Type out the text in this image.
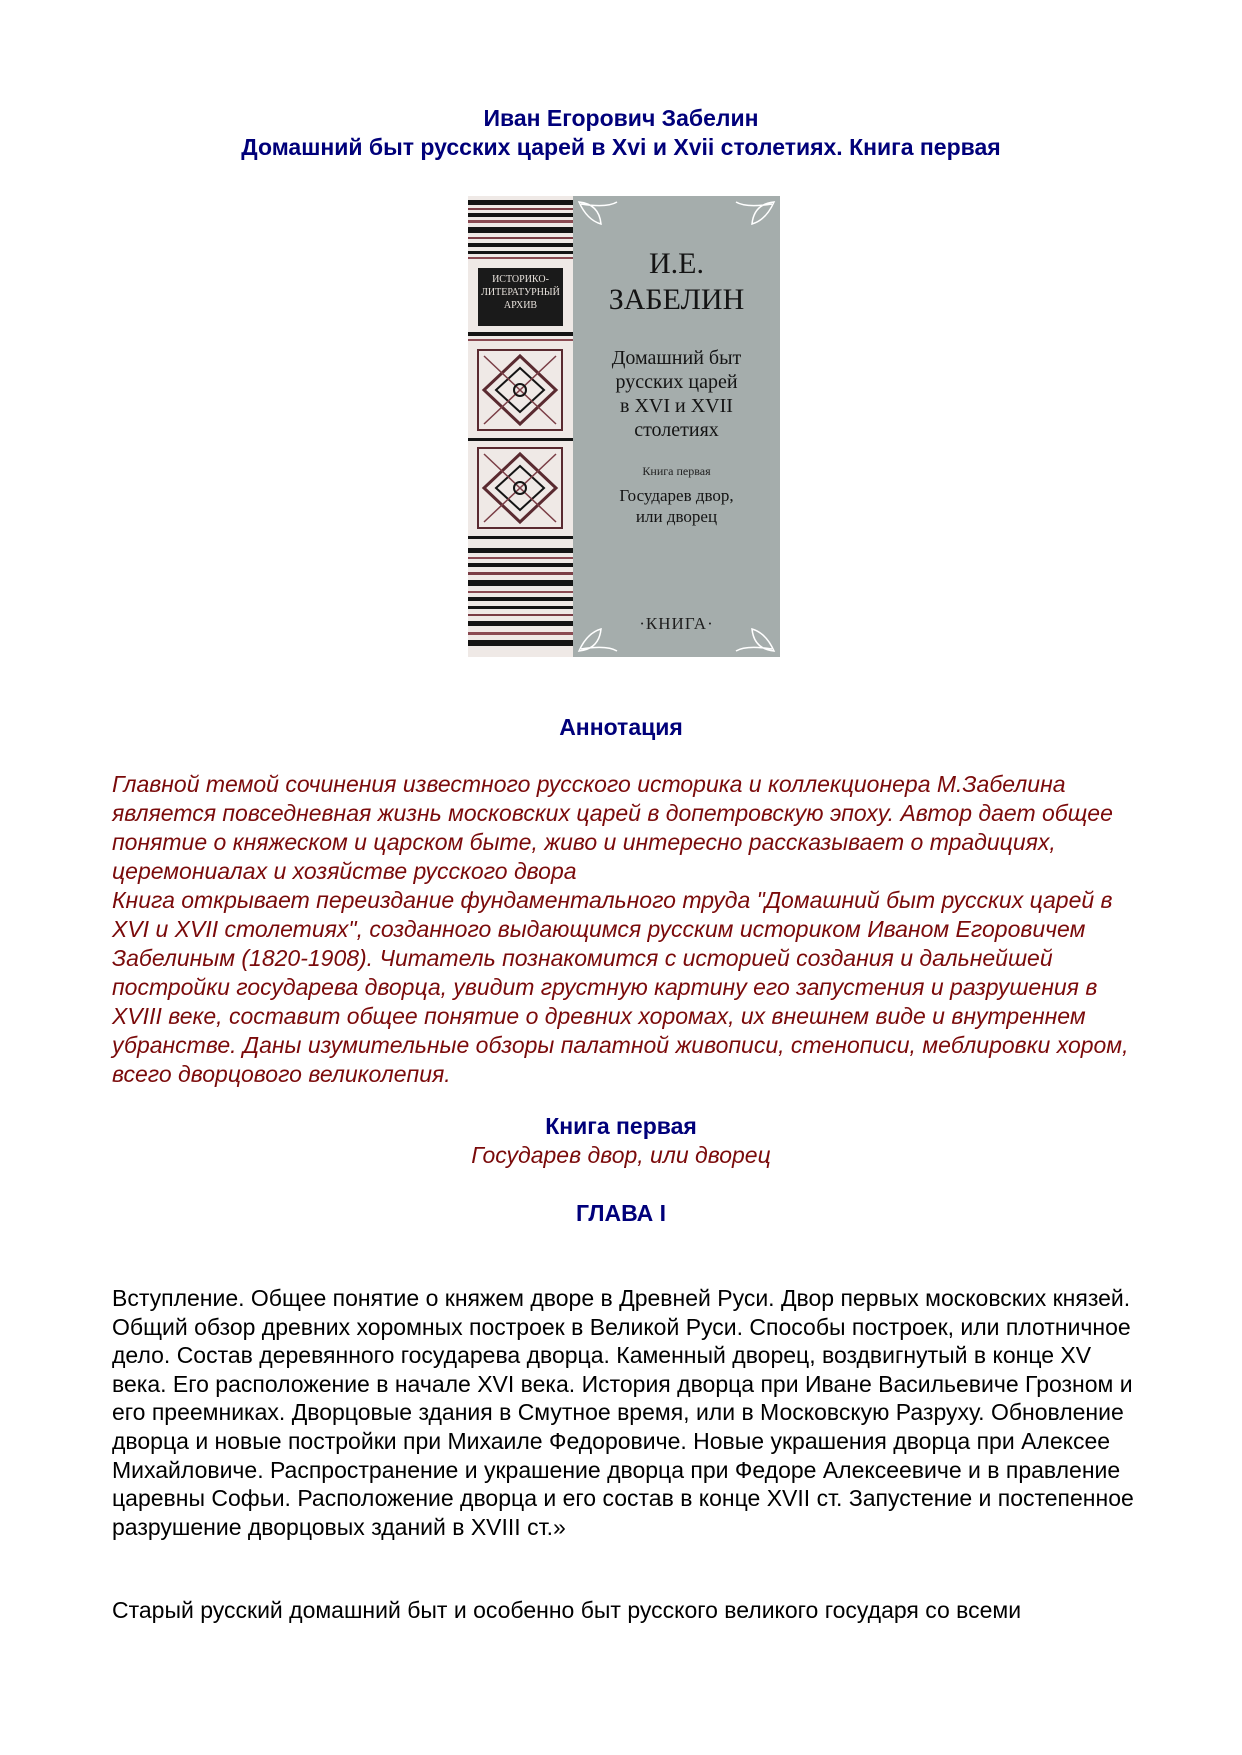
Иван Егорович Забелин
Домашний быт русских царей в Xvi и Xvii столетиях. Книга первая
ИСТОРИКО-
ЛИТЕРАТУРНЫЙ
АРХИВ
И.Е.
ЗАБЕЛИН
Домашний быт
русских царей
в XVI и XVII
столетиях
Книга первая
Государев двор,
или дворец
·КНИГА·
Аннотация

Главной темой сочинения известного русского историка и коллекционера М.Забелина является повседневная жизнь московских царей в допетровскую эпоху. Автор дает общее понятие о княжеском и царском быте, живо и интересно рассказывает о традициях, церемониалах и хозяйстве русского двора

Книга открывает переиздание фундаментального труда "Домашний быт русских царей в XVI и XVII столетиях", созданного выдающимся русским историком Иваном Егоровичем Забелиным (1820-1908). Читатель познакомится с историей создания и дальнейшей постройки государева дворца, увидит грустную картину его запустения и разрушения в XVIII веке, составит общее понятие о древних хоромах, их внешнем виде и внутреннем убранстве. Даны изумительные обзоры палатной живописи, стенописи, меблировки хором, всего дворцового великолепия.

Книга первая
Государев двор, или дворец
ГЛАВА I

Вступление. Общее понятие о княжем дворе в Древней Руси. Двор первых московских князей. Общий обзор древних хоромных построек в Великой Руси. Способы построек, или плотничное дело. Состав деревянного государева дворца. Каменный дворец, воздвигнутый в конце XV века. Его расположение в начале XVI века. История дворца при Иване Васильевиче Грозном и его преемниках. Дворцовые здания в Смутное время, или в Московскую Разруху. Обновление дворца и новые постройки при Михаиле Федоровиче. Новые украшения дворца при Алексее Михайловиче. Распространение и украшение дворца при Федоре Алексеевиче и в правление царевны Софьи. Расположение дворца и его состав в конце XVII ст. Запустение и постепенное разрушение дворцовых зданий в XVIII ст.»

Старый русский домашний быт и особенно быт русского великого государя со всеми
